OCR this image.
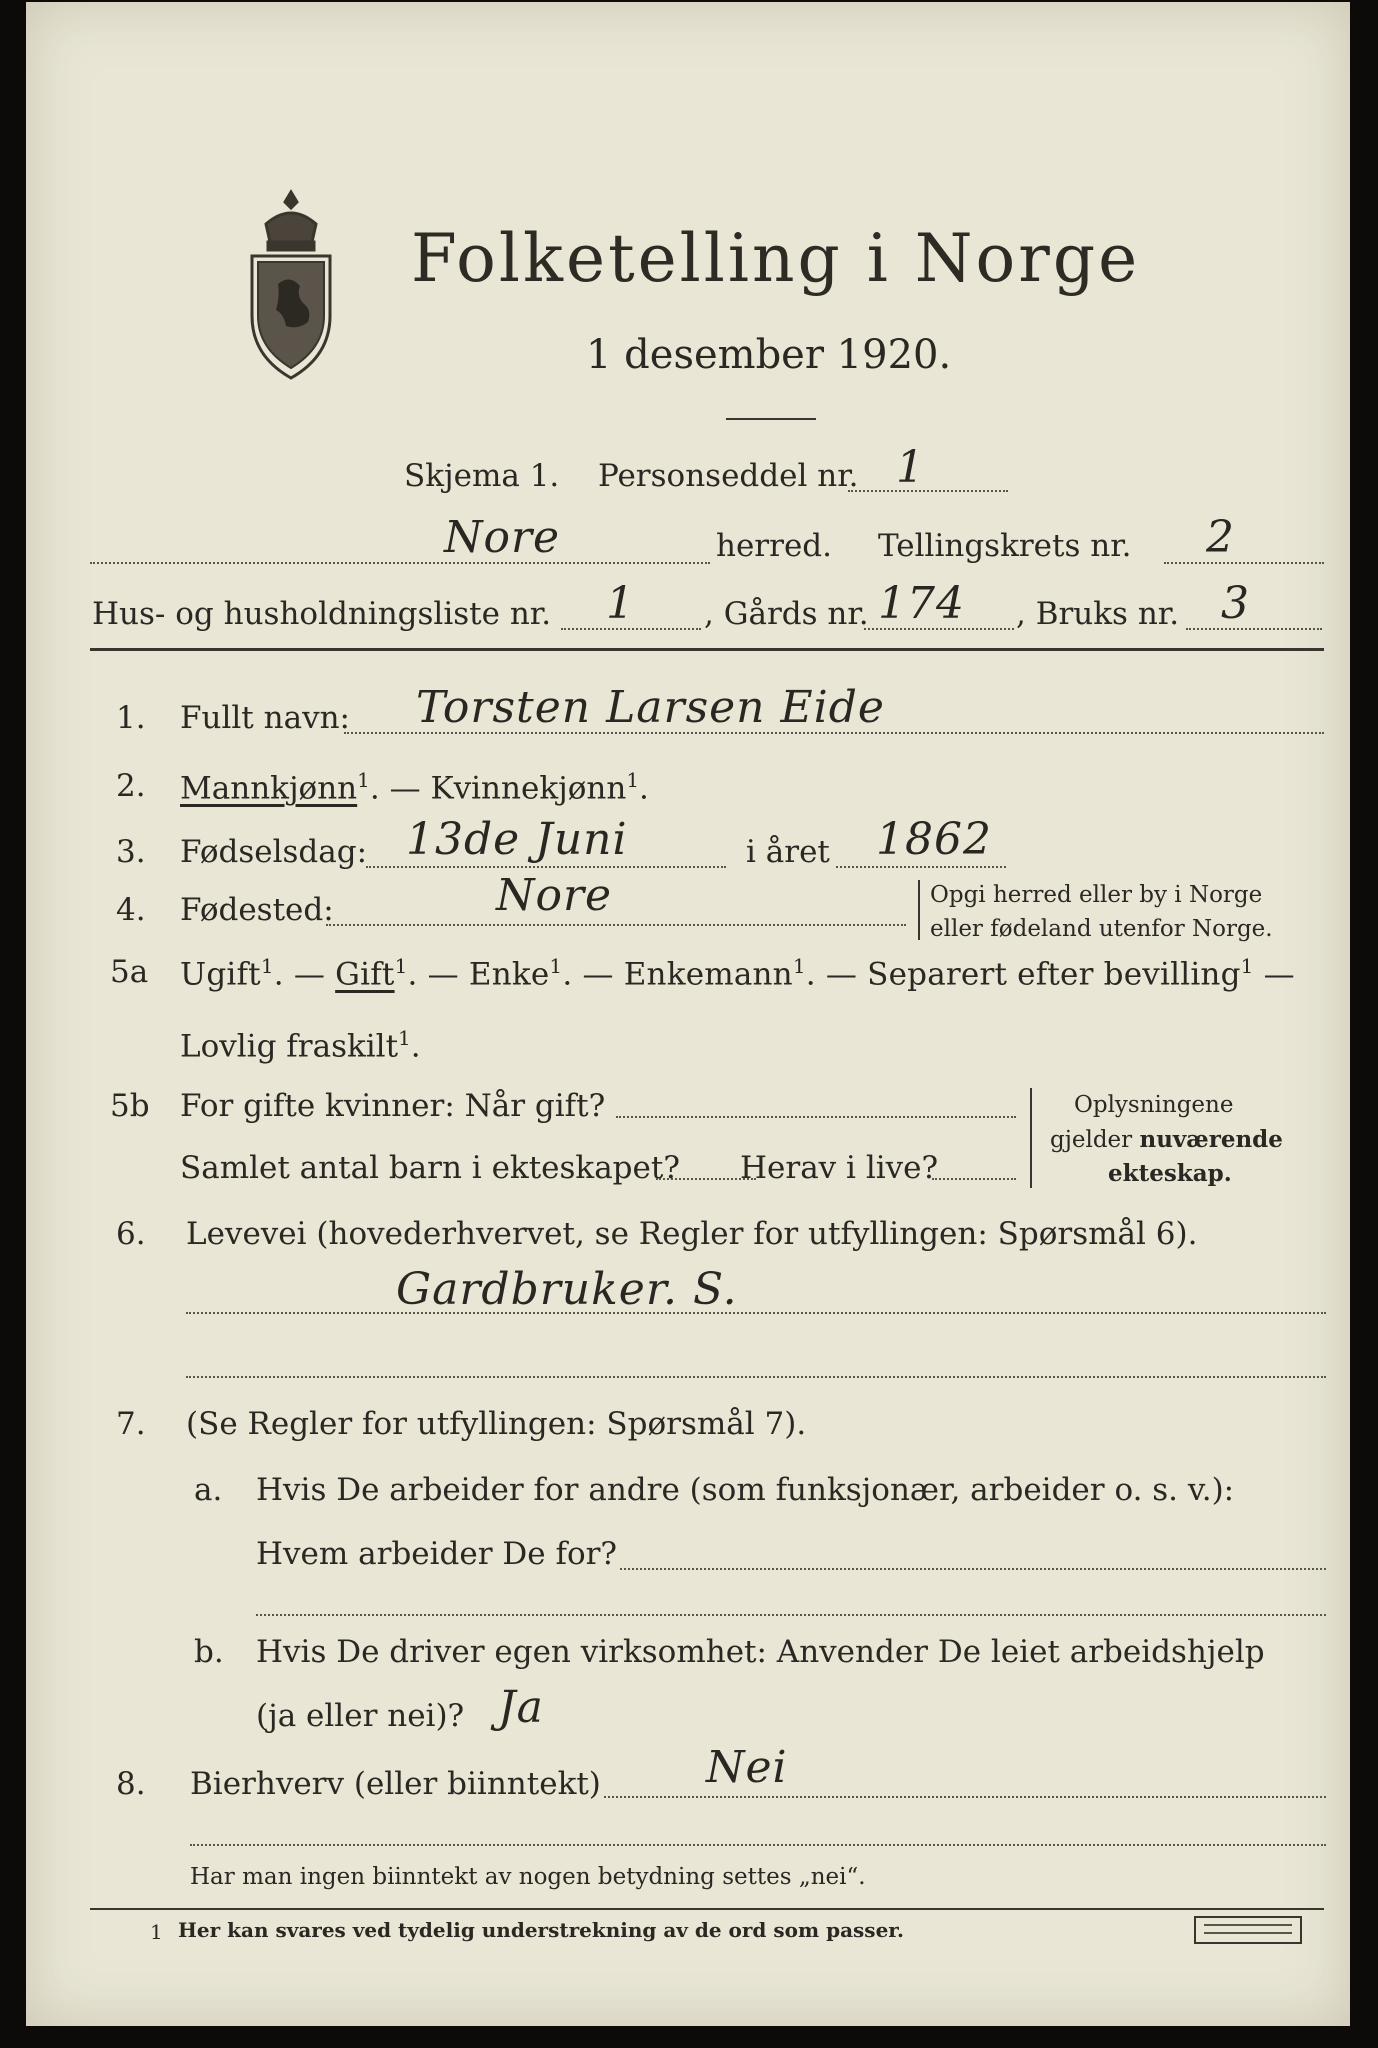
Folketelling i Norge
1 desember 1920.
Skjema 1. Personseddel nr. 1
Nore	herred. Tellingskrets nr. 2
Hus- og husholdningsliste nr. 1 , Gårds nr. 174 , Bruks nr. 3
1. Fullt navn: Torsten Larsen Eide
2. Mannkjønn$^1$. — Kvinnekjønn$^1$.
3. Fødselsdag: 13de Juni	i året 1862
4. Fødested:	Nore	Opgi herred eller by i Norge
eller fødeland utenfor Norge.
5a Ugift$^1$. — Gift$^1$. — Enke$^1$. — Enkemann$^1$. — Separert efter bevilling$^1$ —
Lovlig fraskilt$^1$.
5b For gifte kvinner: Når gift?
Samlet antal barn i ekteskapet? Herav i live?
Oplysningene
gjelder nuværende
ekteskap.
6. Levevei (hovederhvervet, se Regler for utfyllingen: Spørsmål 6).
Gardbruker. S.
7. (Se Regler for utfyllingen: Spørsmål 7).
a. Hvis De arbeider for andre (som funksjonær, arbeider o. s. v.):
Hvem arbeider De for?
b. Hvis De driver egen virksomhet: Anvender De leiet arbeidshjelp
(ja eller nei)? Ja
8. Bierhverv (eller biinntekt) Nei
Har man ingen biinntekt av nogen betydning settes „nei“.
1 Her kan svares ved tydelig understrekning av de ord som passer.
